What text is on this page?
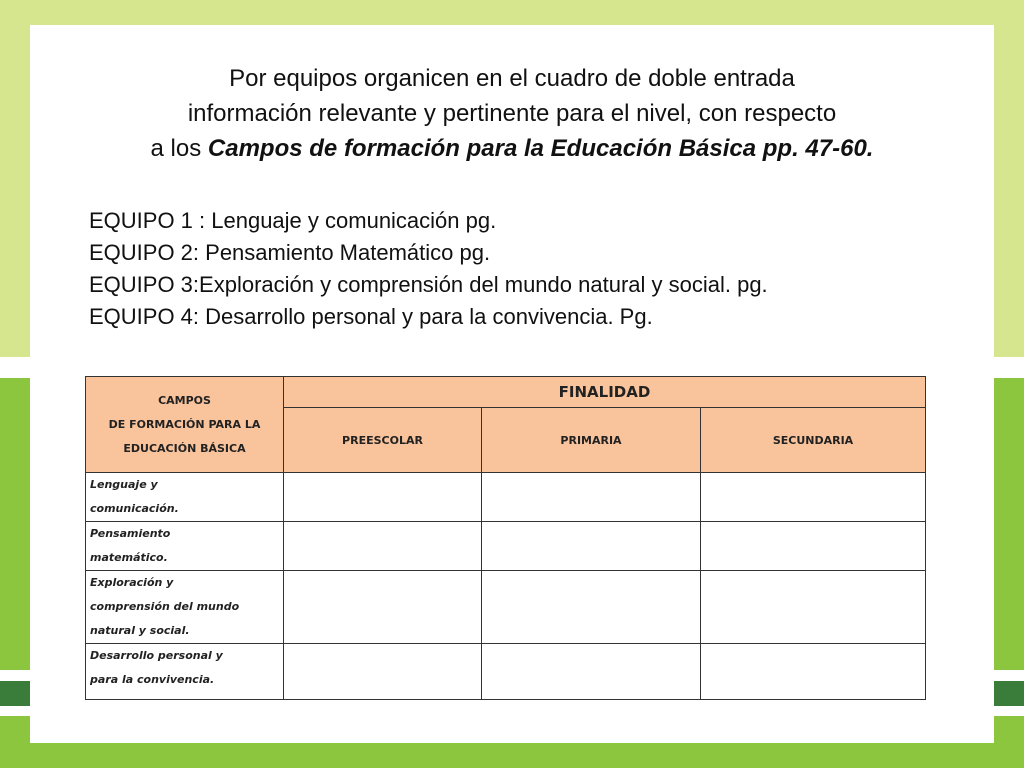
Por equipos organicen en el cuadro de doble entrada
información relevante y pertinente para el nivel, con respecto
a los Campos de formación para la Educación Básica pp. 47-60.
EQUIPO 1 : Lenguaje y comunicación pg.
EQUIPO 2: Pensamiento Matemático pg.
EQUIPO 3:Exploración y comprensión del mundo natural y social. pg.
EQUIPO 4: Desarrollo personal y para la convivencia. Pg.
CAMPOS
DE FORMACIÓN PARA LA
EDUCACIÓN BÁSICA	FINALIDAD		
	PREESCOLAR	PRIMARIA	SECUNDARIA

Lenguaje y
comunicación.			

Pensamiento
matemático.			

Exploración y
comprensión del mundo
natural y social.			

Desarrollo personal y
para la convivencia.			
